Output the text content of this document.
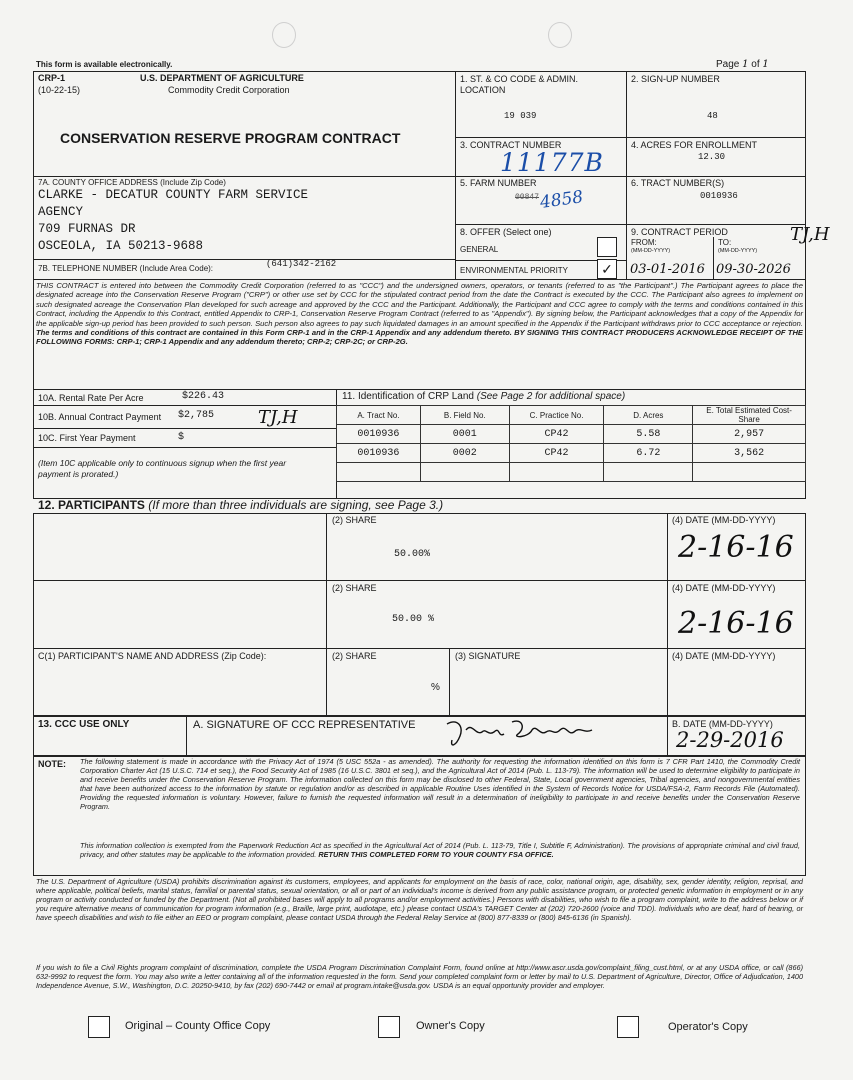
This form is available electronically.	Page 1 of 1
CRP-1
(10-22-15)
U.S. DEPARTMENT OF AGRICULTURE
Commodity Credit Corporation
CONSERVATION RESERVE PROGRAM CONTRACT
1. ST. & CO CODE & ADMIN. LOCATION
19 039
2. SIGN-UP NUMBER
48
3. CONTRACT NUMBER
11177B
4. ACRES FOR ENROLLMENT
12.30
5. FARM NUMBER
00847 4858
6. TRACT NUMBER(S)
0010936
7A. COUNTY OFFICE ADDRESS (Include Zip Code)
CLARKE - DECATUR COUNTY FARM SERVICE
AGENCY
709 FURNAS DR
OSCEOLA, IA 50213-9688
7B. TELEPHONE NUMBER (Include Area Code):	(641)342-2162
8. OFFER (Select one)
GENERAL
ENVIRONMENTAL PRIORITY ✓
9. CONTRACT PERIOD
FROM:
(MM-DD-YYYY)
TO:
(MM-DD-YYYY)
03-01-2016 09-30-2026
TJ,H
THIS CONTRACT is entered into between the Commodity Credit Corporation (referred to as "CCC") and the undersigned owners, operators, or tenants (referred to as "the Participant".) The Participant agrees to place the designated acreage into the Conservation Reserve Program ("CRP") or other use set by CCC for the stipulated contract period from the date the Contract is executed by the CCC. The Participant also agrees to implement on such designated acreage the Conservation Plan developed for such acreage and approved by the CCC and the Participant. Additionally, the Participant and CCC agree to comply with the terms and conditions contained in this Contract, including the Appendix to this Contract, entitled Appendix to CRP-1, Conservation Reserve Program Contract (referred to as "Appendix"). By signing below, the Participant acknowledges that a copy of the Appendix for the applicable sign-up period has been provided to such person. Such person also agrees to pay such liquidated damages in an amount specified in the Appendix if the Participant withdraws prior to CCC acceptance or rejection. The terms and conditions of this contract are contained in this Form CRP-1 and in the CRP-1 Appendix and any addendum thereto. BY SIGNING THIS CONTRACT PRODUCERS ACKNOWLEDGE RECEIPT OF THE FOLLOWING FORMS: CRP-1; CRP-1 Appendix and any addendum thereto; CRP-2; CRP-2C; or CRP-2G.
10A. Rental Rate Per Acre	$226.43
10B. Annual Contract Payment $2,785 TJ,H
10C. First Year Payment	$
(Item 10C applicable only to continuous signup when the first year payment is prorated.)
11. Identification of CRP Land (See Page 2 for additional space)
A. Tract No.	B. Field No.	C. Practice No.	D. Acres	E. Total Estimated Cost-Share
0010936	0001	CP42	5.58	2,957
0010936	0002	CP42	6.72	3,562

12. PARTICIPANTS (If more than three individuals are signing, see Page 3.)
(2) SHARE
50.00%
(4) DATE (MM-DD-YYYY)
2-16-16
(2) SHARE
50.00 %
(4) DATE (MM-DD-YYYY)
2-16-16
C(1) PARTICIPANT'S NAME AND ADDRESS (Zip Code):	(2) SHARE
%
(3) SIGNATURE	(4) DATE (MM-DD-YYYY)
13. CCC USE ONLY	A. SIGNATURE OF CCC REPRESENTATIVE	B. DATE (MM-DD-YYYY)
2-29-2016
NOTE: The following statement is made in accordance with the Privacy Act of 1974 (5 USC 552a - as amended). The authority for requesting the information identified on this form is 7 CFR Part 1410, the Commodity Credit Corporation Charter Act (15 U.S.C. 714 et seq.), the Food Security Act of 1985 (16 U.S.C. 3801 et seq.), and the Agricultural Act of 2014 (Pub. L. 113-79). The information will be used to determine eligibility to participate in and receive benefits under the Conservation Reserve Program. The information collected on this form may be disclosed to other Federal, State, Local government agencies, Tribal agencies, and nongovernmental entities that have been authorized access to the information by statute or regulation and/or as described in applicable Routine Uses identified in the System of Records Notice for USDA/FSA-2, Farm Records File (Automated). Providing the requested information is voluntary. However, failure to furnish the requested information will result in a determination of ineligibility to participate in and receive benefits under the Conservation Reserve Program.
This information collection is exempted from the Paperwork Reduction Act as specified in the Agricultural Act of 2014 (Pub. L. 113-79, Title I, Subtitle F, Administration). The provisions of appropriate criminal and civil fraud, privacy, and other statutes may be applicable to the information provided. RETURN THIS COMPLETED FORM TO YOUR COUNTY FSA OFFICE.
The U.S. Department of Agriculture (USDA) prohibits discrimination against its customers, employees, and applicants for employment on the basis of race, color, national origin, age, disability, sex, gender identity, religion, reprisal, and where applicable, political beliefs, marital status, familial or parental status, sexual orientation, or all or part of an individual's income is derived from any public assistance program, or protected genetic information in employment or in any program or activity conducted or funded by the Department. (Not all prohibited bases will apply to all programs and/or employment activities.) Persons with disabilities, who wish to file a program complaint, write to the address below or if you require alternative means of communication for program information (e.g., Braille, large print, audiotape, etc.) please contact USDA's TARGET Center at (202) 720-2600 (voice and TDD). Individuals who are deaf, hard of hearing, or have speech disabilities and wish to file either an EEO or program complaint, please contact USDA through the Federal Relay Service at (800) 877-8339 or (800) 845-6136 (in Spanish).
If you wish to file a Civil Rights program complaint of discrimination, complete the USDA Program Discrimination Complaint Form, found online at http://www.ascr.usda.gov/complaint_filing_cust.html, or at any USDA office, or call (866) 632-9992 to request the form. You may also write a letter containing all of the information requested in the form. Send your completed complaint form or letter by mail to U.S. Department of Agriculture, Director, Office of Adjudication, 1400 Independence Avenue, S.W., Washington, D.C. 20250-9410, by fax (202) 690-7442 or email at program.intake@usda.gov. USDA is an equal opportunity provider and employer.
Original – County Office Copy	Owner's Copy	Operator's Copy
